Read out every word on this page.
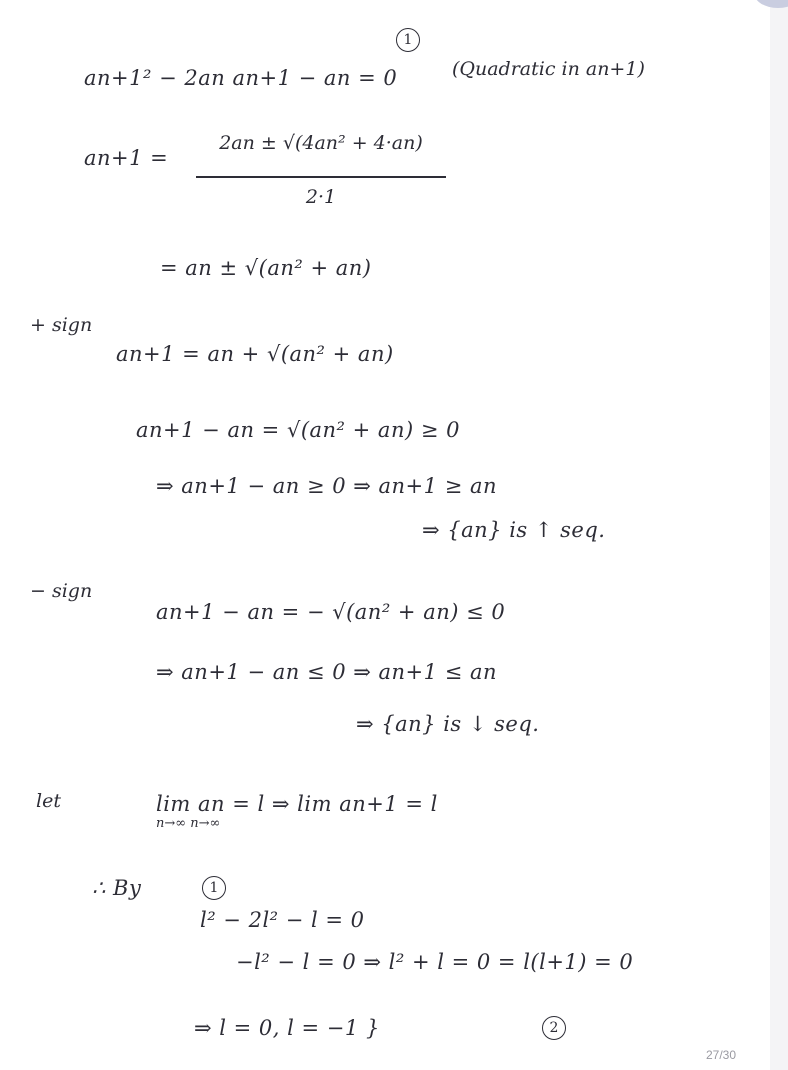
an+1² − 2an an+1 − an = 0
1
(Quadratic in an+1)
an+1 =
2an ± √(4an² + 4·an)
2·1
= an ± √(an² + an)
+ sign
an+1 = an + √(an² + an)
an+1 − an = √(an² + an) ≥ 0
⇒ an+1 − an ≥ 0 ⇒ an+1 ≥ an
⇒ {an} is ↑ seq.
− sign
an+1 − an = − √(an² + an) ≤ 0
⇒ an+1 − an ≤ 0 ⇒ an+1 ≤ an
⇒ {an} is ↓ seq.
let	lim an = l ⇒ lim an+1 = l
n→∞ n→∞
∴ By	1
l² − 2l² − l = 0
−l² − l = 0 ⇒ l² + l = 0 = l(l+1) = 0
⇒ l = 0, l = −1 }	2
27/30
